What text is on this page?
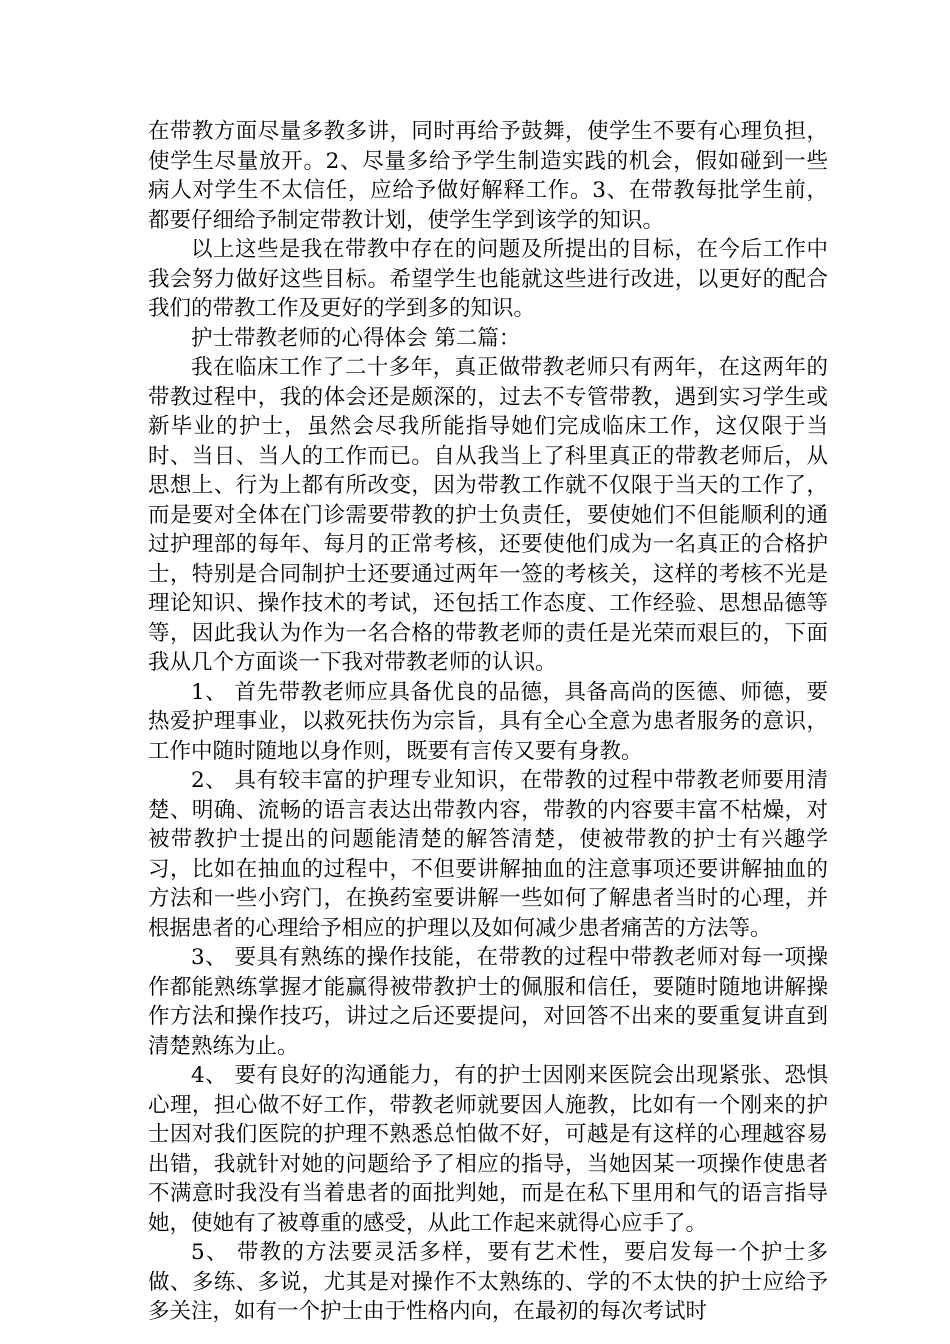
在带教方面尽量多教多讲，同时再给予鼓舞，使学生不要有心理负担，使学生尽量放开。2、尽量多给予学生制造实践的机会，假如碰到一些病人对学生不太信任，应给予做好解释工作。3、在带教每批学生前，都要仔细给予制定带教计划，使学生学到该学的知识。

以上这些是我在带教中存在的问题及所提出的目标，在今后工作中我会努力做好这些目标。希望学生也能就这些进行改进，以更好的配合我们的带教工作及更好的学到多的知识。

护士带教老师的心得体会 第二篇：

我在临床工作了二十多年，真正做带教老师只有两年，在这两年的带教过程中，我的体会还是颇深的，过去不专管带教，遇到实习学生或新毕业的护士，虽然会尽我所能指导她们完成临床工作，这仅限于当时、当日、当人的工作而已。自从我当上了科里真正的带教老师后，从思想上、行为上都有所改变，因为带教工作就不仅限于当天的工作了，而是要对全体在门诊需要带教的护士负责任，要使她们不但能顺利的通过护理部的每年、每月的正常考核，还要使他们成为一名真正的合格护士，特别是合同制护士还要通过两年一签的考核关，这样的考核不光是理论知识、操作技术的考试，还包括工作态度、工作经验、思想品德等等，因此我认为作为一名合格的带教老师的责任是光荣而艰巨的，下面我从几个方面谈一下我对带教老师的认识。

1、 首先带教老师应具备优良的品德，具备高尚的医德、师德，要热爱护理事业，以救死扶伤为宗旨，具有全心全意为患者服务的意识，工作中随时随地以身作则，既要有言传又要有身教。

2、 具有较丰富的护理专业知识，在带教的过程中带教老师要用清楚、明确、流畅的语言表达出带教内容，带教的内容要丰富不枯燥，对被带教护士提出的问题能清楚的解答清楚，使被带教的护士有兴趣学习，比如在抽血的过程中，不但要讲解抽血的注意事项还要讲解抽血的方法和一些小窍门，在换药室要讲解一些如何了解患者当时的心理，并根据患者的心理给予相应的护理以及如何减少患者痛苦的方法等。

3、 要具有熟练的操作技能，在带教的过程中带教老师对每一项操作都能熟练掌握才能赢得被带教护士的佩服和信任，要随时随地讲解操作方法和操作技巧，讲过之后还要提问，对回答不出来的要重复讲直到清楚熟练为止。

4、 要有良好的沟通能力，有的护士因刚来医院会出现紧张、恐惧心理，担心做不好工作，带教老师就要因人施教，比如有一个刚来的护士因对我们医院的护理不熟悉总怕做不好，可越是有这样的心理越容易出错，我就针对她的问题给予了相应的指导，当她因某一项操作使患者不满意时我没有当着患者的面批判她，而是在私下里用和气的语言指导她，使她有了被尊重的感受，从此工作起来就得心应手了。

5、 带教的方法要灵活多样，要有艺术性，要启发每一个护士多做、多练、多说，尤其是对操作不太熟练的、学的不太快的护士应给予多关注，如有一个护士由于性格内向，在最初的每次考试时
